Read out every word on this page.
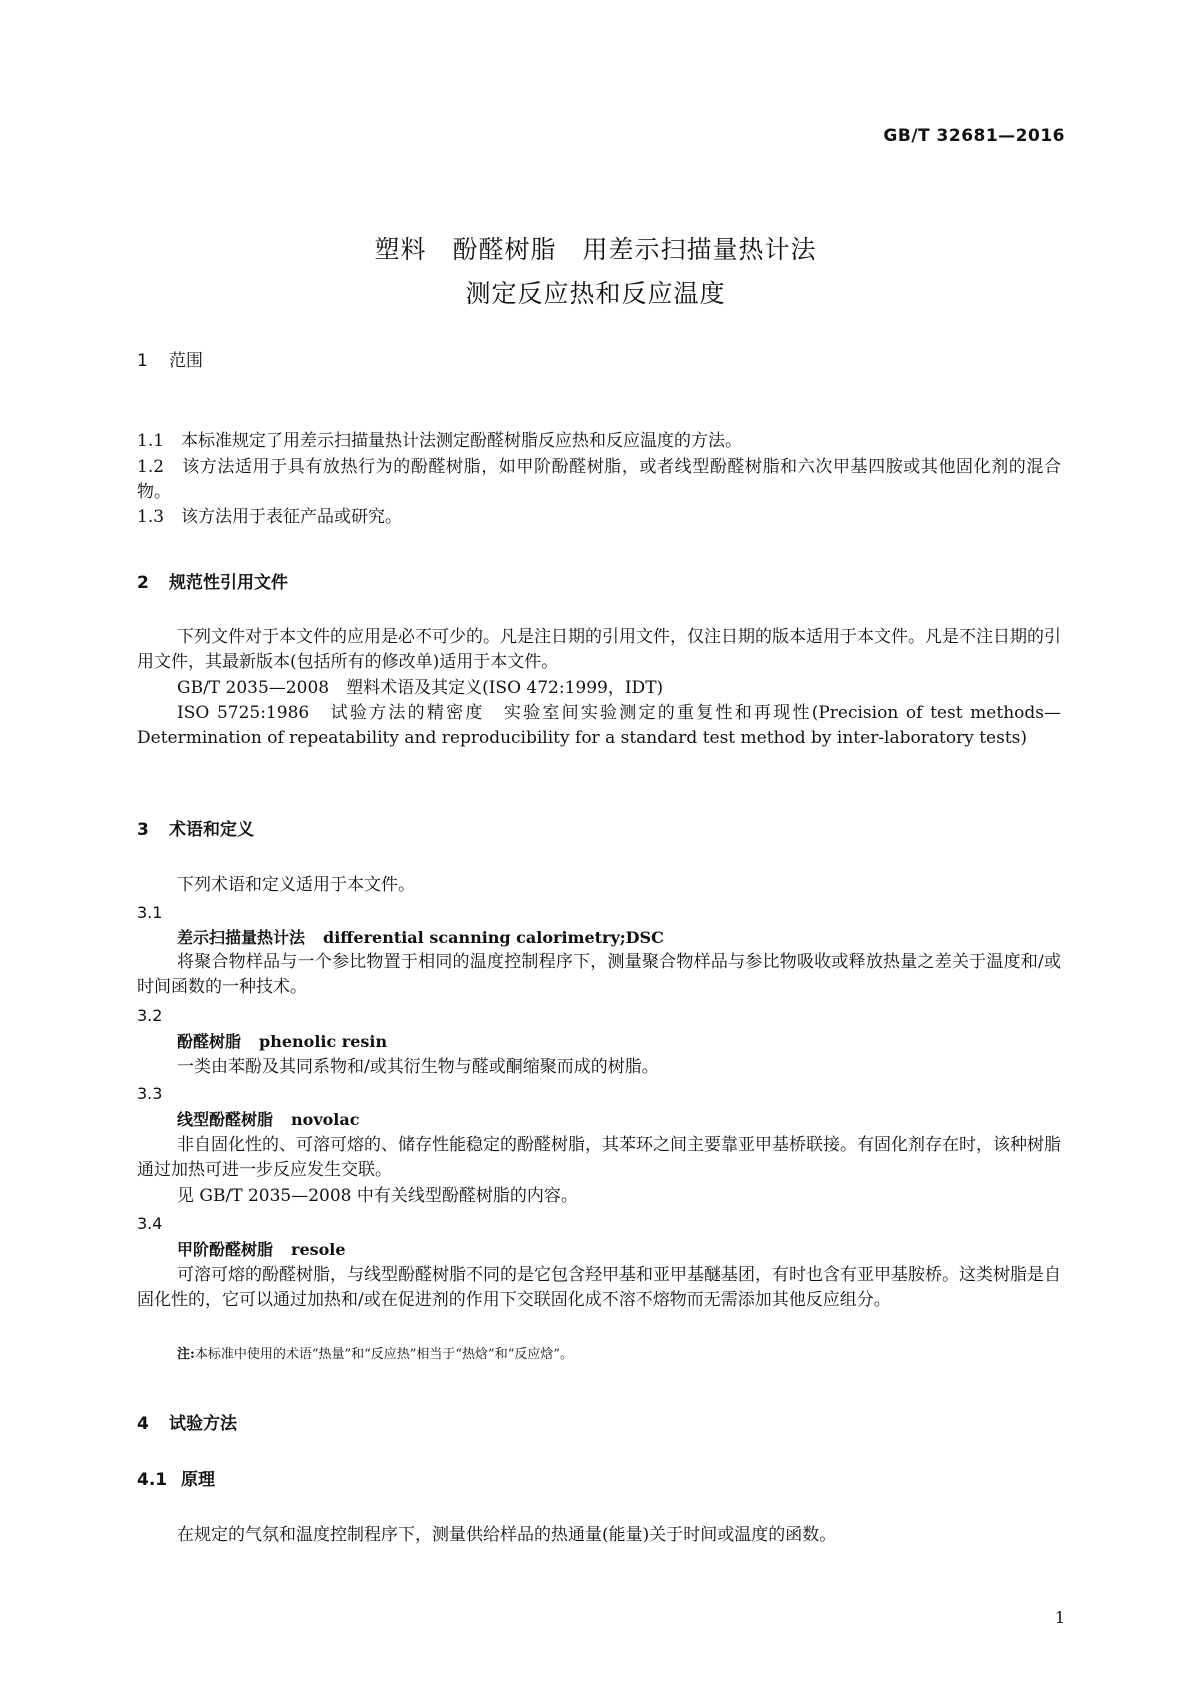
GB/T 32681—2016
塑料　酚醛树脂　用差示扫描量热计法
测定反应热和反应温度
1 范围
1.1　本标准规定了用差示扫描量热计法测定酚醛树脂反应热和反应温度的方法。
1.2　该方法适用于具有放热行为的酚醛树脂，如甲阶酚醛树脂，或者线型酚醛树脂和六次甲基四胺或其他固化剂的混合物。
1.3　该方法用于表征产品或研究。
2 规范性引用文件
下列文件对于本文件的应用是必不可少的。凡是注日期的引用文件，仅注日期的版本适用于本文件。凡是不注日期的引用文件，其最新版本(包括所有的修改单)适用于本文件。
GB/T 2035—2008　塑料术语及其定义(ISO 472:1999，IDT)
ISO 5725:1986　试验方法的精密度　实验室间实验测定的重复性和再现性(Precision of test methods—Determination of repeatability and reproducibility for a standard test method by inter-laboratory tests)
3 术语和定义
下列术语和定义适用于本文件。
3.1
差示扫描量热计法 differential scanning calorimetry;DSC
将聚合物样品与一个参比物置于相同的温度控制程序下，测量聚合物样品与参比物吸收或释放热量之差关于温度和/或时间函数的一种技术。
3.2
酚醛树脂 phenolic resin
一类由苯酚及其同系物和/或其衍生物与醛或酮缩聚而成的树脂。
3.3
线型酚醛树脂 novolac
非自固化性的、可溶可熔的、储存性能稳定的酚醛树脂，其苯环之间主要靠亚甲基桥联接。有固化剂存在时，该种树脂通过加热可进一步反应发生交联。
见 GB/T 2035—2008 中有关线型酚醛树脂的内容。
3.4
甲阶酚醛树脂 resole
可溶可熔的酚醛树脂，与线型酚醛树脂不同的是它包含羟甲基和亚甲基醚基团，有时也含有亚甲基胺桥。这类树脂是自固化性的，它可以通过加热和/或在促进剂的作用下交联固化成不溶不熔物而无需添加其他反应组分。
注:本标准中使用的术语“热量”和“反应热”相当于“热焓”和“反应焓”。
4 试验方法
4.1 原理
在规定的气氛和温度控制程序下，测量供给样品的热通量(能量)关于时间或温度的函数。
1
